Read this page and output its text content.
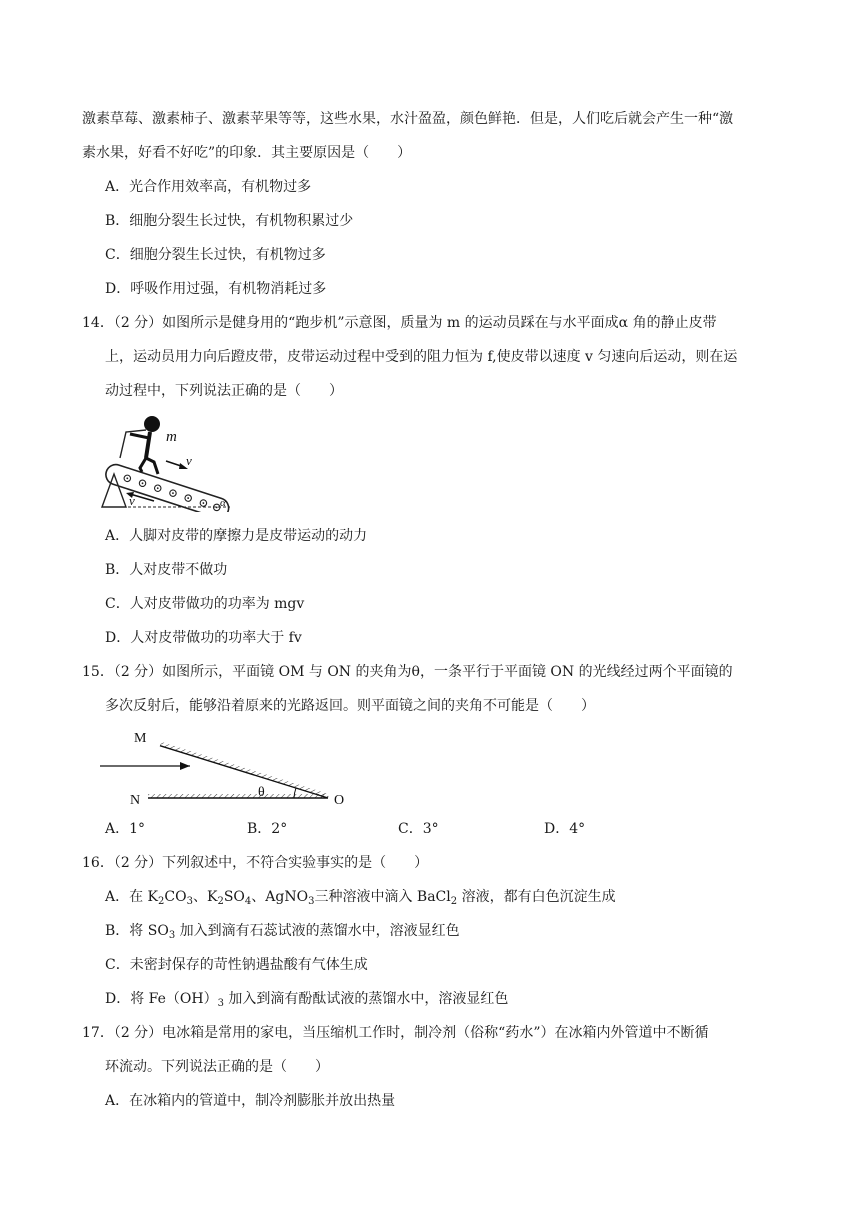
激素草莓、激素柿子、激素苹果等等，这些水果，水汁盈盈，颜色鲜艳．但是，人们吃后就会产生一种“激
素水果，好看不好吃”的印象．其主要原因是（　　）
A．光合作用效率高，有机物过多
B．细胞分裂生长过快，有机物积累过少
C．细胞分裂生长过快，有机物过多
D．呼吸作用过强，有机物消耗过多
14．（2 分）如图所示是健身用的“跑步机”示意图，质量为 m 的运动员踩在与水平面成α 角的静止皮带
上，运动员用力向后蹬皮带，皮带运动过程中受到的阻力恒为 f,使皮带以速度 v 匀速向后运动，则在运
动过程中，下列说法正确的是（　　）
m
v
v	α
A．人脚对皮带的摩擦力是皮带运动的动力
B．人对皮带不做功
C．人对皮带做功的功率为 mgv
D．人对皮带做功的功率大于 fv
15．（2 分）如图所示，平面镜 OM 与 ON 的夹角为θ，一条平行于平面镜 ON 的光线经过两个平面镜的
多次反射后，能够沿着原来的光路返回。则平面镜之间的夹角不可能是（　　）
M
N	O
θ
A．1°	B．2°	C．3°	D．4°
16．（2 分）下列叙述中，不符合实验事实的是（　　）
A．在 $K_2CO_3$、$K_2SO_4$、AgNO$_3$三种溶液中滴入 BaCl$_2$ 溶液，都有白色沉淀生成
B．将 $SO_3$ 加入到滴有石蕊试液的蒸馏水中，溶液显红色
C．未密封保存的苛性钠遇盐酸有气体生成
D．将 $Fe(OH)_3$ 加入到滴有酚酞试液的蒸馏水中，溶液显红色
17．（2 分）电冰箱是常用的家电，当压缩机工作时，制冷剂（俗称“药水”）在冰箱内外管道中不断循
环流动。下列说法正确的是（　　）
A．在冰箱内的管道中，制冷剂膨胀并放出热量
